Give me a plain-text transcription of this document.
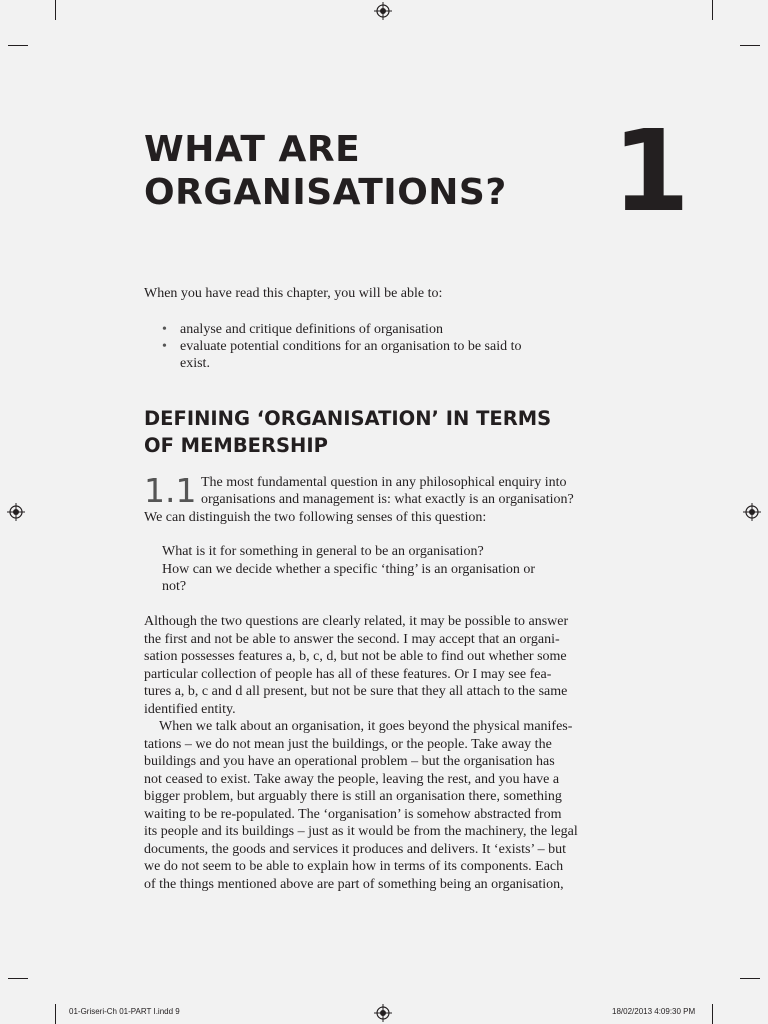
WHAT ARE
ORGANISATIONS? 1

When you have read this chapter, you will be able to:

• analyse and critique definitions of organisation
• evaluate potential conditions for an organisation to be said to
exist.
DEFINING ‘ORGANISATION’ IN TERMS
OF MEMBERSHIP
1.1 The most fundamental question in any philosophical enquiry into
organisations and management is: what exactly is an organisation?
We can distinguish the two following senses of this question:
What is it for something in general to be an organisation?
How can we decide whether a specific ‘thing’ is an organisation or
not?
Although the two questions are clearly related, it may be possible to answer
the first and not be able to answer the second. I may accept that an organi-
sation possesses features a, b, c, d, but not be able to find out whether some
particular collection of people has all of these features. Or I may see fea-
tures a, b, c and d all present, but not be sure that they all attach to the same
identified entity.
When we talk about an organisation, it goes beyond the physical manifes-
tations – we do not mean just the buildings, or the people. Take away the
buildings and you have an operational problem – but the organisation has
not ceased to exist. Take away the people, leaving the rest, and you have a
bigger problem, but arguably there is still an organisation there, something
waiting to be re-populated. The ‘organisation’ is somehow abstracted from
its people and its buildings – just as it would be from the machinery, the legal
documents, the goods and services it produces and delivers. It ‘exists’ – but
we do not seem to be able to explain how in terms of its components. Each
of the things mentioned above are part of something being an organisation,
01-Griseri-Ch 01-PART I.indd 9	18/02/2013 4:09:30 PM
